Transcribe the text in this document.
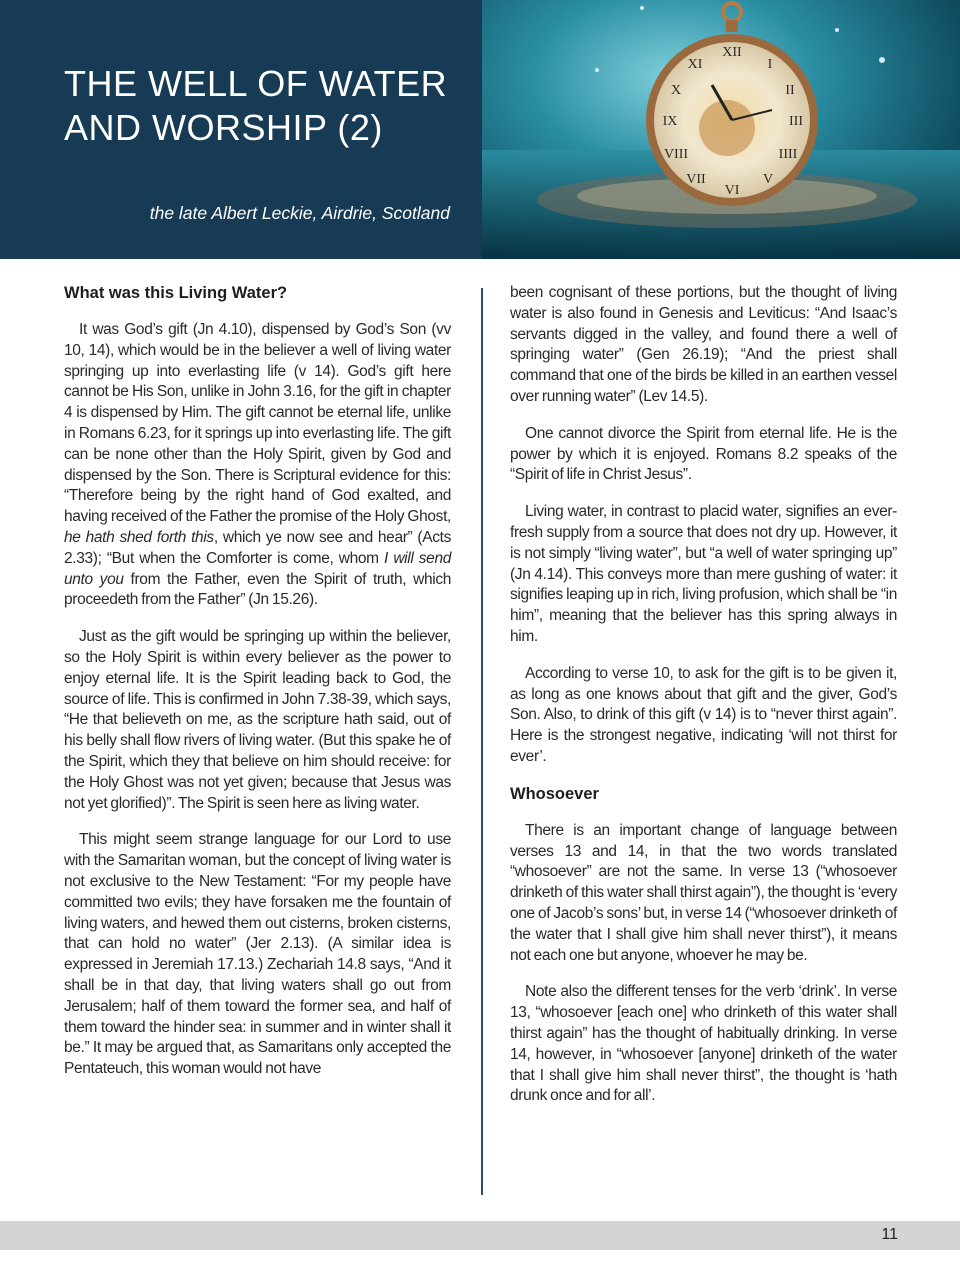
THE WELL OF WATER AND WORSHIP (2)
the late Albert Leckie, Airdrie, Scotland
XII
I
II
III
IIII
V
VI
VII
VIII
IX
X
XI
What was this Living Water?

It was God’s gift (Jn 4.10), dispensed by God’s Son (vv 10, 14), which would be in the believer a well of living water springing up into everlasting life (v 14). God’s gift here cannot be His Son, unlike in John 3.16, for the gift in chapter 4 is dispensed by Him. The gift cannot be eternal life, unlike in Romans 6.23, for it springs up into everlasting life. The gift can be none other than the Holy Spirit, given by God and dispensed by the Son. There is Scriptural evidence for this: “Therefore being by the right hand of God exalted, and having received of the Father the promise of the Holy Ghost, he hath shed forth this, which ye now see and hear” (Acts 2.33); “But when the Comforter is come, whom I will send unto you from the Father, even the Spirit of truth, which proceedeth from the Father” (Jn 15.26).

Just as the gift would be springing up within the believer, so the Holy Spirit is within every believer as the power to enjoy eternal life. It is the Spirit leading back to God, the source of life. This is confirmed in John 7.38-39, which says, “He that believeth on me, as the scripture hath said, out of his belly shall flow rivers of living water. (But this spake he of the Spirit, which they that believe on him should receive: for the Holy Ghost was not yet given; because that Jesus was not yet glorified)”. The Spirit is seen here as living water.

This might seem strange language for our Lord to use with the Samaritan woman, but the concept of living water is not exclusive to the New Testament: “For my people have committed two evils; they have forsaken me the fountain of living waters, and hewed them out cisterns, broken cisterns, that can hold no water” (Jer 2.13). (A similar idea is expressed in Jeremiah 17.13.) Zechariah 14.8 says, “And it shall be in that day, that living waters shall go out from Jerusalem; half of them toward the former sea, and half of them toward the hinder sea: in summer and in winter shall it be.” It may be argued that, as Samaritans only accepted the Pentateuch, this woman would not have

been cognisant of these portions, but the thought of living water is also found in Genesis and Leviticus: “And Isaac’s servants digged in the valley, and found there a well of springing water” (Gen 26.19); “And the priest shall command that one of the birds be killed in an earthen vessel over running water” (Lev 14.5).

One cannot divorce the Spirit from eternal life. He is the power by which it is enjoyed. Romans 8.2 speaks of the “Spirit of life in Christ Jesus”.

Living water, in contrast to placid water, signifies an ever-fresh supply from a source that does not dry up. However, it is not simply “living water”, but “a well of water springing up” (Jn 4.14). This conveys more than mere gushing of water: it signifies leaping up in rich, living profusion, which shall be “in him”, meaning that the believer has this spring always in him.

According to verse 10, to ask for the gift is to be given it, as long as one knows about that gift and the giver, God’s Son. Also, to drink of this gift (v 14) is to “never thirst again”. Here is the strongest negative, indicating ‘will not thirst for ever’.

Whosoever

There is an important change of language between verses 13 and 14, in that the two words translated “whosoever” are not the same. In verse 13 (“whosoever drinketh of this water shall thirst again”), the thought is ‘every one of Jacob’s sons’ but, in verse 14 (“whosoever drinketh of the water that I shall give him shall never thirst”), it means not each one but anyone, whoever he may be.

Note also the different tenses for the verb ‘drink’. In verse 13, “whosoever [each one] who drinketh of this water shall thirst again” has the thought of habitually drinking. In verse 14, however, in “whosoever [anyone] drinketh of the water that I shall give him shall never thirst”, the thought is ‘hath drunk once and for all’.

11
